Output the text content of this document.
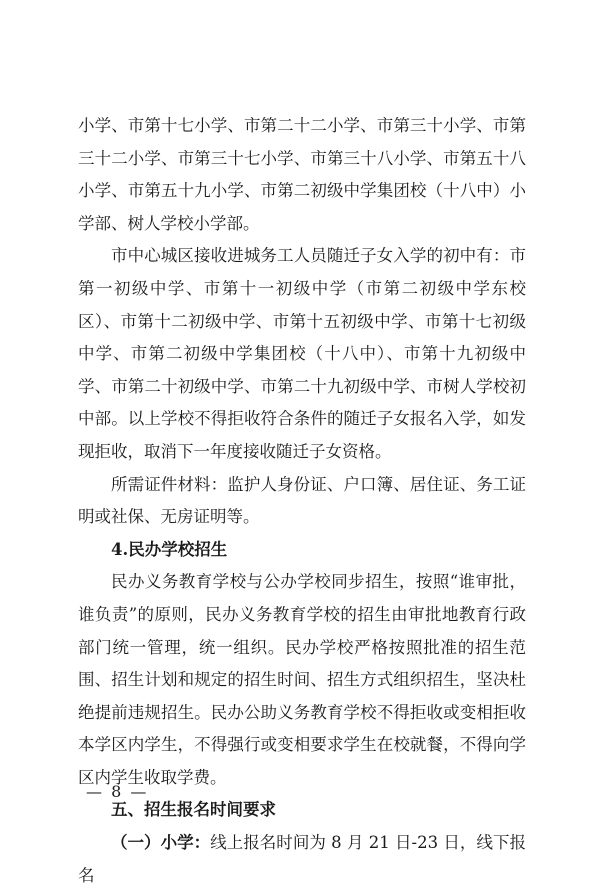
小学、市第十七小学、市第二十二小学、市第三十小学、市第三十二小学、市第三十七小学、市第三十八小学、市第五十八小学、市第五十九小学、市第二初级中学集团校（十八中）小学部、树人学校小学部。

市中心城区接收进城务工人员随迁子女入学的初中有：市第一初级中学、市第十一初级中学（市第二初级中学东校区）、市第十二初级中学、市第十五初级中学、市第十七初级中学、市第二初级中学集团校（十八中）、市第十九初级中学、市第二十初级中学、市第二十九初级中学、市树人学校初中部。以上学校不得拒收符合条件的随迁子女报名入学，如发现拒收，取消下一年度接收随迁子女资格。

所需证件材料：监护人身份证、户口簿、居住证、务工证明或社保、无房证明等。

4.民办学校招生

民办义务教育学校与公办学校同步招生，按照“谁审批，谁负责”的原则，民办义务教育学校的招生由审批地教育行政部门统一管理，统一组织。民办学校严格按照批准的招生范围、招生计划和规定的招生时间、招生方式组织招生，坚决杜绝提前违规招生。民办公助义务教育学校不得拒收或变相拒收本学区内学生，不得强行或变相要求学生在校就餐，不得向学区内学生收取学费。

五、招生报名时间要求

（一）小学：线上报名时间为 8 月 21 日-23 日，线下报名

— 8 —
